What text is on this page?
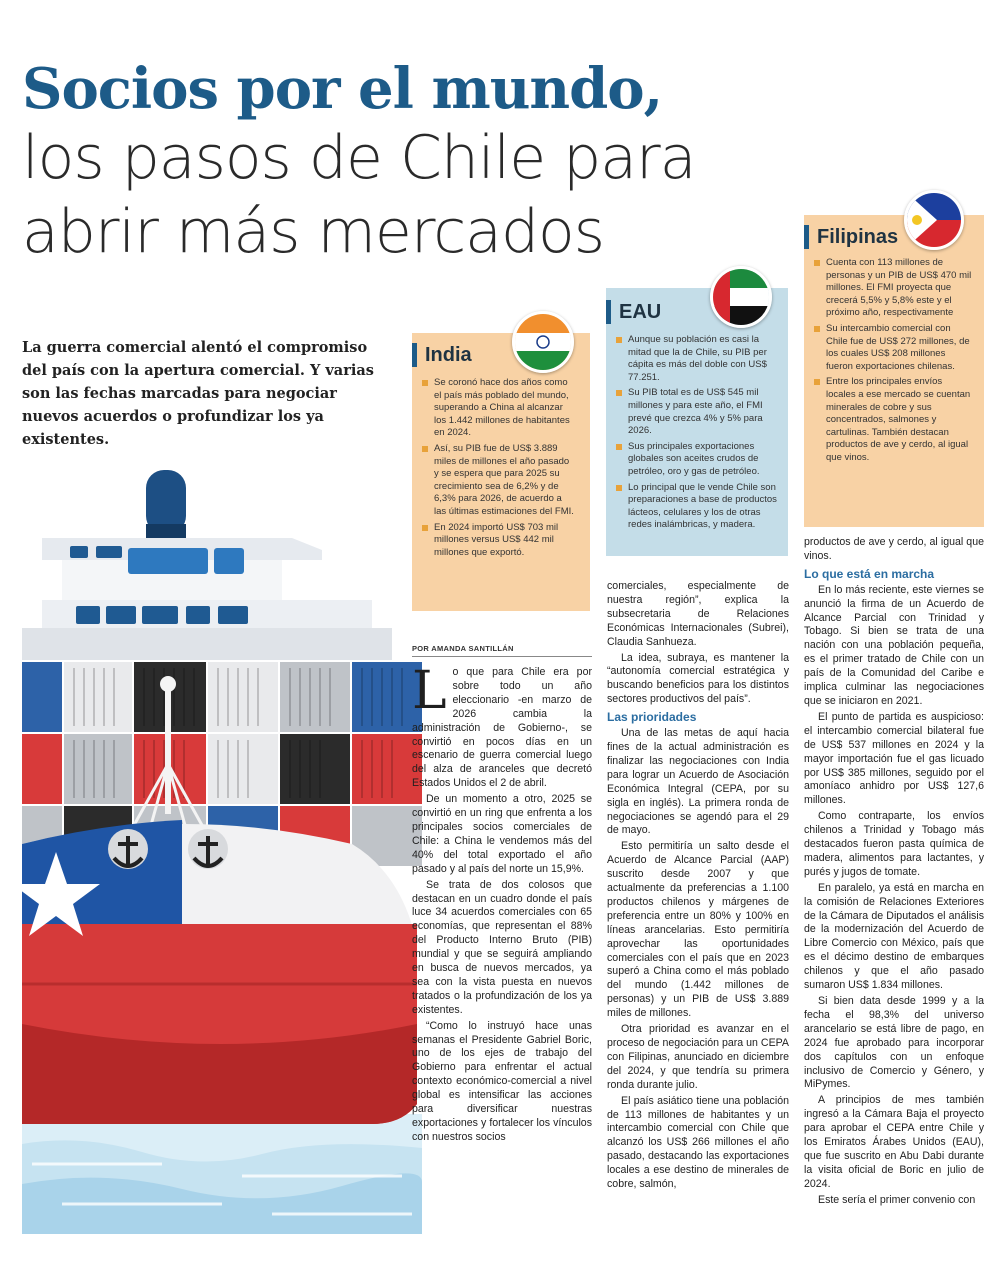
Socios por el mundo,
los pasos de Chile para
abrir más mercados
La guerra comercial alentó el compromiso del país con la apertura comercial. Y varias son las fechas marcadas para negociar nuevos acuerdos o profundizar los ya existentes.
India
Se coronó hace dos años como el país más poblado del mundo, superando a China al alcanzar los 1.442 millones de habitantes en 2024.
Así, su PIB fue de US$ 3.889 miles de millones el año pasado y se espera que para 2025 su crecimiento sea de 6,2% y de 6,3% para 2026, de acuerdo a las últimas estimaciones del FMI.
En 2024 importó US$ 703 mil millones versus US$ 442 mil millones que exportó.
EAU
Aunque su población es casi la mitad que la de Chile, su PIB per cápita es más del doble con US$ 77.251.
Su PIB total es de US$ 545 mil millones y para este año, el FMI prevé que crezca 4% y 5% para 2026.
Sus principales exportaciones globales son aceites crudos de petróleo, oro y gas de petróleo.
Lo principal que le vende Chile son preparaciones a base de productos lácteos, celulares y los de otras redes inalámbricas, y madera.
Filipinas
Cuenta con 113 millones de personas y un PIB de US$ 470 mil millones. El FMI proyecta que crecerá 5,5% y 5,8% este y el próximo año, respectivamente
Su intercambio comercial con Chile fue de US$ 272 millones, de los cuales US$ 208 millones fueron exportaciones chilenas.
Entre los principales envíos locales a ese mercado se cuentan minerales de cobre y sus concentrados, salmones y cartulinas. También destacan productos de ave y cerdo, al igual que vinos.
POR AMANDA SANTILLÁN

Lo que para Chile era por sobre todo un año eleccionario -en marzo de 2026 cambia la administración de Gobierno-, se convirtió en pocos días en un escenario de guerra comercial luego del alza de aranceles que decretó Estados Unidos el 2 de abril.

De un momento a otro, 2025 se convirtió en un ring que enfrenta a los principales socios comerciales de Chile: a China le vendemos más del 40% del total exportado el año pasado y al país del norte un 15,9%.

Se trata de dos colosos que destacan en un cuadro donde el país luce 34 acuerdos comerciales con 65 economías, que representan el 88% del Producto Interno Bruto (PIB) mundial y que se seguirá ampliando en busca de nuevos mercados, ya sea con la vista puesta en nuevos tratados o la profundización de los ya existentes.

“Como lo instruyó hace unas semanas el Presidente Gabriel Boric, uno de los ejes de trabajo del Gobierno para enfrentar el actual contexto económico-comercial a nivel global es intensificar las acciones para diversificar nuestras exportaciones y fortalecer los vínculos con nuestros socios

comerciales, especialmente de nuestra región”, explica la subsecretaria de Relaciones Económicas Internacionales (Subrei), Claudia Sanhueza.

La idea, subraya, es mantener la “autonomía comercial estratégica y buscando beneficios para los distintos sectores productivos del país”.

Las prioridades

Una de las metas de aquí hacia fines de la actual administración es finalizar las negociaciones con India para lograr un Acuerdo de Asociación Económica Integral (CEPA, por su sigla en inglés). La primera ronda de negociaciones se agendó para el 29 de mayo.

Esto permitiría un salto desde el Acuerdo de Alcance Parcial (AAP) suscrito desde 2007 y que actualmente da preferencias a 1.100 productos chilenos y márgenes de preferencia entre un 80% y 100% en líneas arancelarias. Esto permitiría aprovechar las oportunidades comerciales con el país que en 2023 superó a China como el más poblado del mundo (1.442 millones de personas) y un PIB de US$ 3.889 miles de millones.

Otra prioridad es avanzar en el proceso de negociación para un CEPA con Filipinas, anunciado en diciembre del 2024, y que tendría su primera ronda durante julio.

El país asiático tiene una población de 113 millones de habitantes y un intercambio comercial con Chile que alcanzó los US$ 266 millones el año pasado, destacando las exportaciones locales a ese destino de minerales de cobre, salmón,

productos de ave y cerdo, al igual que vinos.

Lo que está en marcha

En lo más reciente, este viernes se anunció la firma de un Acuerdo de Alcance Parcial con Trinidad y Tobago. Si bien se trata de una nación con una población pequeña, es el primer tratado de Chile con un país de la Comunidad del Caribe e implica culminar las negociaciones que se iniciaron en 2021.

El punto de partida es auspicioso: el intercambio comercial bilateral fue de US$ 537 millones en 2024 y la mayor importación fue el gas licuado por US$ 385 millones, seguido por el amoníaco anhidro por US$ 127,6 millones.

Como contraparte, los envíos chilenos a Trinidad y Tobago más destacados fueron pasta química de madera, alimentos para lactantes, y purés y jugos de tomate.

En paralelo, ya está en marcha en la comisión de Relaciones Exteriores de la Cámara de Diputados el análisis de la modernización del Acuerdo de Libre Comercio con México, país que es el décimo destino de embarques chilenos y que el año pasado sumaron US$ 1.834 millones.

Si bien data desde 1999 y a la fecha el 98,3% del universo arancelario se está libre de pago, en 2024 fue aprobado para incorporar dos capítulos con un enfoque inclusivo de Comercio y Género, y MiPymes.

A principios de mes también ingresó a la Cámara Baja el proyecto para aprobar el CEPA entre Chile y los Emiratos Árabes Unidos (EAU), que fue suscrito en Abu Dabi durante la visita oficial de Boric en julio de 2024.

Este sería el primer convenio con
